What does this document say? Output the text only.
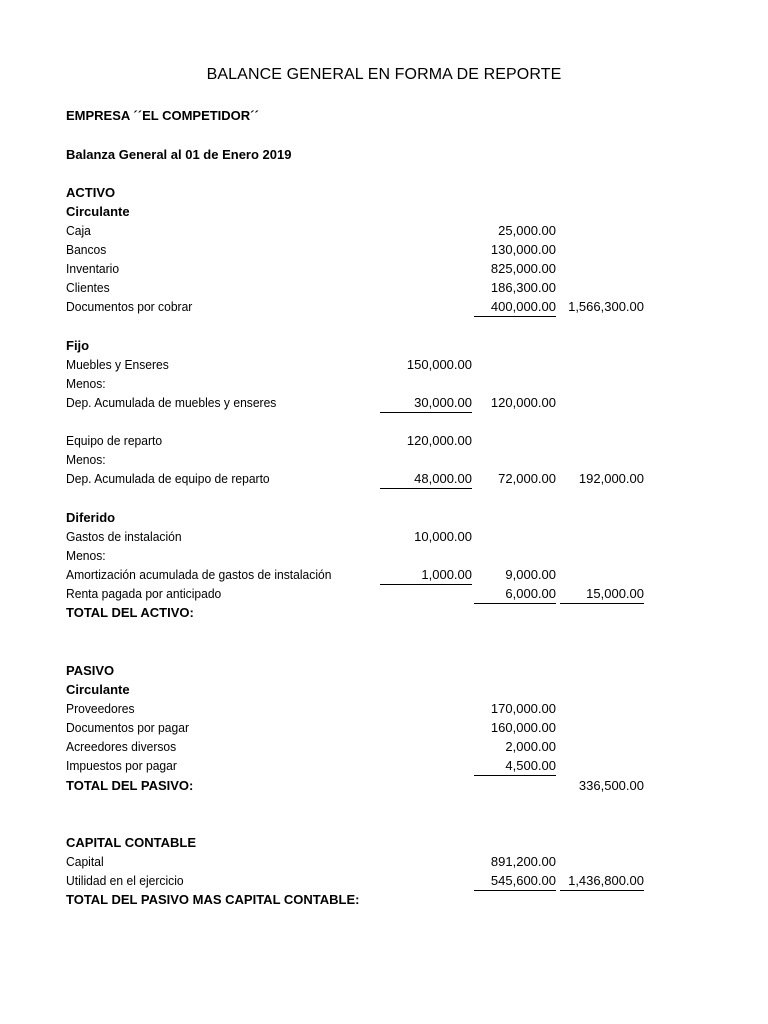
BALANCE GENERAL EN FORMA DE REPORTE
EMPRESA ´´EL COMPETIDOR´´
Balanza General al 01 de Enero 2019
ACTIVO
Circulante
Caja	25,000.00
Bancos	130,000.00
Inventario	825,000.00
Clientes	186,300.00
Documentos por cobrar	400,000.00 1,566,300.00
Fijo
Muebles y Enseres	150,000.00
Menos:
Dep. Acumulada de muebles y enseres	30,000.00	120,000.00
Equipo de reparto	120,000.00
Menos:
Dep. Acumulada de equipo de reparto	48,000.00	72,000.00	192,000.00
Diferido
Gastos de instalación	10,000.00
Menos:
Amortización acumulada de gastos de instalación	1,000.00	9,000.00
Renta pagada por anticipado	6,000.00	15,000.00
TOTAL DEL ACTIVO:
PASIVO
Circulante
Proveedores	170,000.00
Documentos por pagar	160,000.00
Acreedores diversos	2,000.00
Impuestos por pagar	4,500.00
TOTAL DEL PASIVO:	336,500.00
CAPITAL CONTABLE
Capital	891,200.00
Utilidad en el ejercicio	545,600.00 1,436,800.00
TOTAL DEL PASIVO MAS CAPITAL CONTABLE:
